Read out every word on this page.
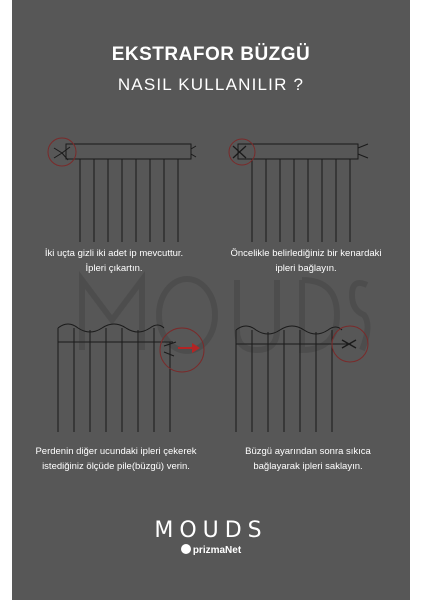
EKSTRAFOR BÜZGÜ
NASIL KULLANILIR ?
İki uçta gizli iki adet ip mevcuttur.
İpleri çıkartın.
Öncelikle belirlediğiniz bir kenardaki
ipleri bağlayın.
Perdenin diğer ucundaki ipleri çekerek
istediğiniz ölçüde pile(büzgü) verin.
Büzgü ayarından sonra sıkıca
bağlayarak ipleri saklayın.
MOUDS
prizmaNet
